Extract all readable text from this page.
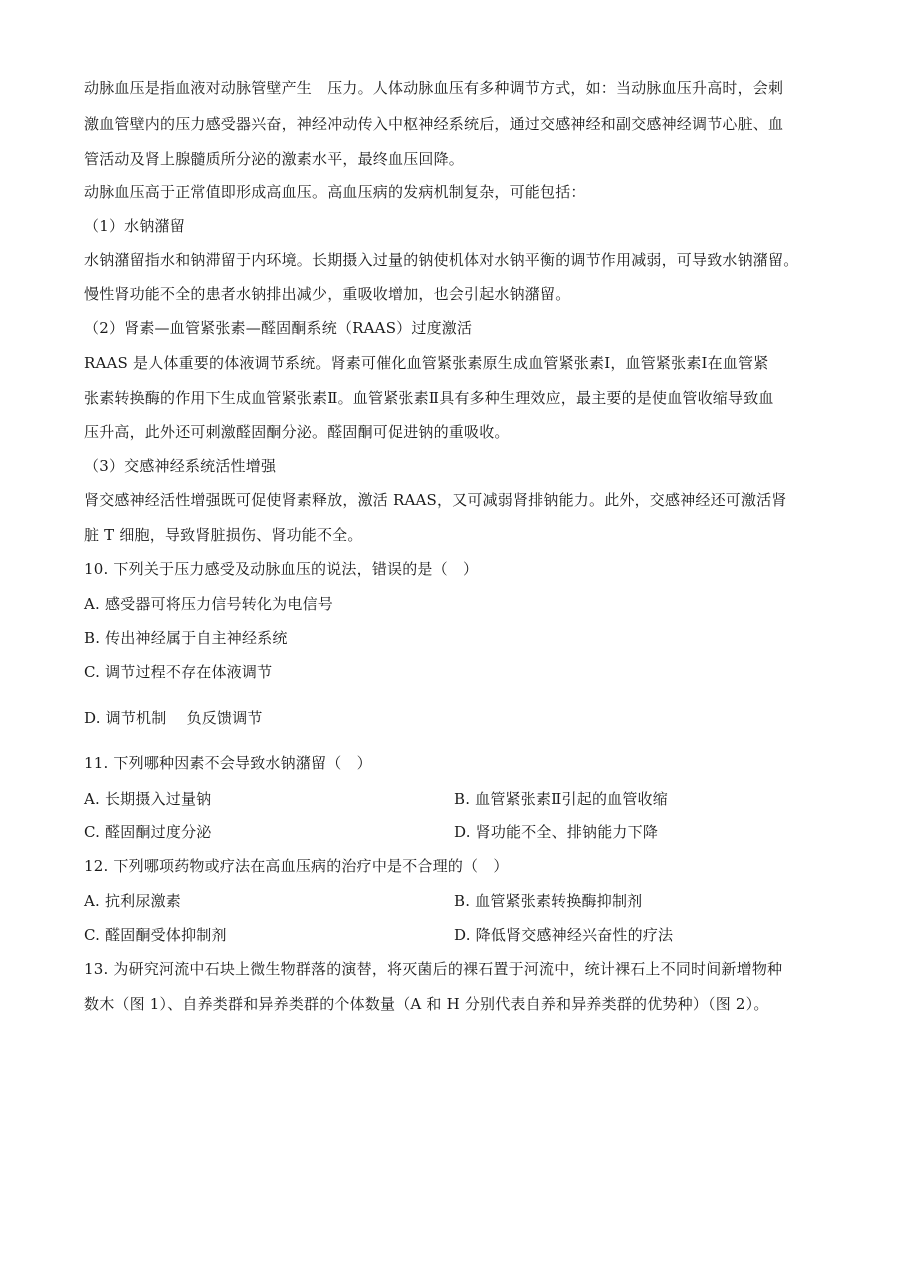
动脉血压是指血液对动脉管壁产生　压力。人体动脉血压有多种调节方式，如：当动脉血压升高时，会刺
激血管壁内的压力感受器兴奋，神经冲动传入中枢神经系统后，通过交感神经和副交感神经调节心脏、血
管活动及肾上腺髓质所分泌的激素水平，最终血压回降。
动脉血压高于正常值即形成高血压。高血压病的发病机制复杂，可能包括：
（1）水钠潴留
水钠潴留指水和钠滞留于内环境。长期摄入过量的钠使机体对水钠平衡的调节作用减弱，可导致水钠潴留。
慢性肾功能不全的患者水钠排出减少，重吸收增加，也会引起水钠潴留。
（2）肾素—血管紧张素—醛固酮系统（RAAS）过度激活
RAAS 是人体重要的体液调节系统。肾素可催化血管紧张素原生成血管紧张素Ⅰ，血管紧张素Ⅰ在血管紧
张素转换酶的作用下生成血管紧张素Ⅱ。血管紧张素Ⅱ具有多种生理效应，最主要的是使血管收缩导致血
压升高，此外还可刺激醛固酮分泌。醛固酮可促进钠的重吸收。
（3）交感神经系统活性增强
肾交感神经活性增强既可促使肾素释放，激活 RAAS，又可减弱肾排钠能力。此外，交感神经还可激活肾
脏 T 细胞，导致肾脏损伤、肾功能不全。
10. 下列关于压力感受及动脉血压的说法，错误的是（　）
A. 感受器可将压力信号转化为电信号
B. 传出神经属于自主神经系统
C. 调节过程不存在体液调节
D. 调节机制　 负反馈调节
11. 下列哪种因素不会导致水钠潴留（　）
A. 长期摄入过量钠	B. 血管紧张素Ⅱ引起的血管收缩
C. 醛固酮过度分泌	D. 肾功能不全、排钠能力下降
12. 下列哪项药物或疗法在高血压病的治疗中是不合理的（　）
A. 抗利尿激素	B. 血管紧张素转换酶抑制剂
C. 醛固酮受体抑制剂	D. 降低肾交感神经兴奋性的疗法
13. 为研究河流中石块上微生物群落的演替，将灭菌后的裸石置于河流中，统计裸石上不同时间新增物种
数木（图 1）、自养类群和异养类群的个体数量（A 和 H 分别代表自养和异养类群的优势种）（图 2）。
